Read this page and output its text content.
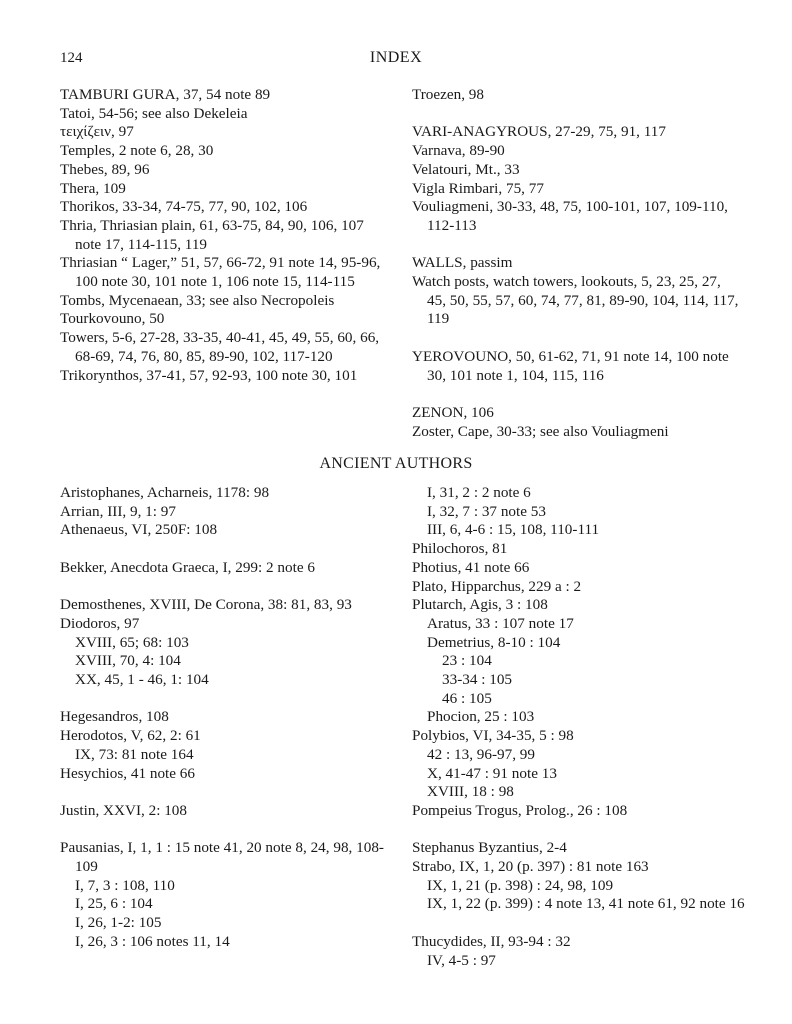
124	INDEX
TAMBURI GURA, 37, 54 note 89
Tatoi, 54-56; see also Dekeleia
τειχίζειν, 97
Temples, 2 note 6, 28, 30
Thebes, 89, 96
Thera, 109
Thorikos, 33-34, 74-75, 77, 90, 102, 106
Thria, Thriasian plain, 61, 63-75, 84, 90, 106, 107 note 17, 114-115, 119
Thriasian “ Lager,” 51, 57, 66-72, 91 note 14, 95-96, 100 note 30, 101 note 1, 106 note 15, 114-115
Tombs, Mycenaean, 33; see also Necropoleis
Tourkovouno, 50
Towers, 5-6, 27-28, 33-35, 40-41, 45, 49, 55, 60, 66, 68-69, 74, 76, 80, 85, 89-90, 102, 117-120
Trikorynthos, 37-41, 57, 92-93, 100 note 30, 101
Troezen, 98
VARI-ANAGYROUS, 27-29, 75, 91, 117
Varnava, 89-90
Velatouri, Mt., 33
Vigla Rimbari, 75, 77
Vouliagmeni, 30-33, 48, 75, 100-101, 107, 109-110, 112-113
WALLS, passim
Watch posts, watch towers, lookouts, 5, 23, 25, 27, 45, 50, 55, 57, 60, 74, 77, 81, 89-90, 104, 114, 117, 119
YEROVOUNO, 50, 61-62, 71, 91 note 14, 100 note 30, 101 note 1, 104, 115, 116
ZENON, 106
Zoster, Cape, 30-33; see also Vouliagmeni
ANCIENT AUTHORS
Aristophanes, Acharneis, 1178: 98
Arrian, III, 9, 1: 97
Athenaeus, VI, 250F: 108
Bekker, Anecdota Graeca, I, 299: 2 note 6
Demosthenes, XVIII, De Corona, 38: 81, 83, 93
Diodoros, 97
XVIII, 65; 68: 103
XVIII, 70, 4: 104
XX, 45, 1 - 46, 1: 104
Hegesandros, 108
Herodotos, V, 62, 2: 61
IX, 73: 81 note 164
Hesychios, 41 note 66
Justin, XXVI, 2: 108
Pausanias, I, 1, 1 : 15 note 41, 20 note 8, 24, 98, 108-109
I, 7, 3 : 108, 110
I, 25, 6 : 104
I, 26, 1-2: 105
I, 26, 3 : 106 notes 11, 14
I, 31, 2 : 2 note 6
I, 32, 7 : 37 note 53
III, 6, 4-6 : 15, 108, 110-111
Philochoros, 81
Photius, 41 note 66
Plato, Hipparchus, 229 a : 2
Plutarch, Agis, 3 : 108
Aratus, 33 : 107 note 17
Demetrius, 8-10 : 104
23 : 104
33-34 : 105
46 : 105
Phocion, 25 : 103
Polybios, VI, 34-35, 5 : 98
42 : 13, 96-97, 99
X, 41-47 : 91 note 13
XVIII, 18 : 98
Pompeius Trogus, Prolog., 26 : 108
Stephanus Byzantius, 2-4
Strabo, IX, 1, 20 (p. 397) : 81 note 163
IX, 1, 21 (p. 398) : 24, 98, 109
IX, 1, 22 (p. 399) : 4 note 13, 41 note 61, 92 note 16
Thucydides, II, 93-94 : 32
IV, 4-5 : 97
